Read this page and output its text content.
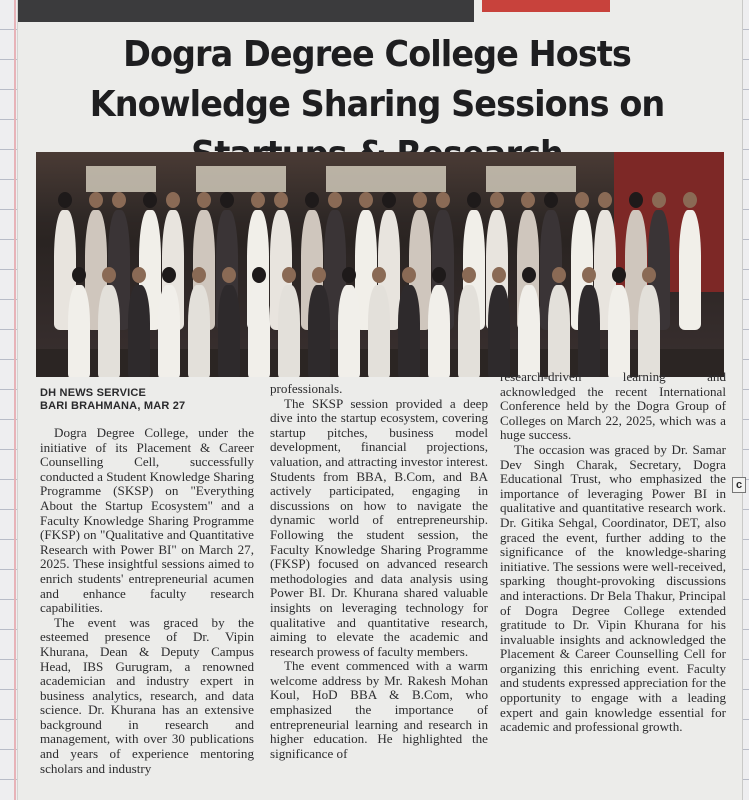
Dogra Degree College Hosts Knowledge Sharing Sessions on

DH NEWS SERVICE
BARI BRAHMANA, MAR 27

Dogra Degree College, under the initiative of its Placement & Career Counselling Cell, successfully conducted a Student Knowledge Sharing Programme (SKSP) on "Everything About the Startup Ecosystem" and a Faculty Knowledge Sharing Programme (FKSP) on "Qualitative and Quantitative Research with Power BI" on March 27, 2025. These insightful sessions aimed to enrich students' entrepreneurial acumen and enhance faculty research capabilities.

The event was graced by the esteemed presence of Dr. Vipin Khurana, Dean & Deputy Campus Head, IBS Gurugram, a renowned academician and industry expert in business analytics, research, and data science. Dr. Khurana has an extensive background in research and management, with over 30 publications and years of experience mentoring scholars and industry

professionals.

The SKSP session provided a deep dive into the startup ecosystem, covering startup pitches, business model development, financial projections, valuation, and attracting investor interest. Students from BBA, B.Com, and BA actively participated, engaging in discussions on how to navigate the dynamic world of entrepreneurship. Following the student session, the Faculty Knowledge Sharing Programme (FKSP) focused on advanced research methodologies and data analysis using Power BI. Dr. Khurana shared valuable insights on leveraging technology for qualitative and quantitative research, aiming to elevate the academic and research prowess of faculty members.

The event commenced with a warm welcome address by Mr. Rakesh Mohan Koul, HoD BBA & B.Com, who emphasized the importance of entrepreneurial learning and research in higher education. He highlighted the significance of

research-driven learning and acknowledged the recent International Conference held by the Dogra Group of Colleges on March 22, 2025, which was a huge success.

The occasion was graced by Dr. Samar Dev Singh Charak, Secretary, Dogra Educational Trust, who emphasized the importance of leveraging Power BI in qualitative and quantitative research work. Dr. Gitika Sehgal, Coordinator, DET, also graced the event, further adding to the significance of the knowledge-sharing initiative. The sessions were well-received, sparking thought-provoking discussions and interactions. Dr Bela Thakur, Principal of Dogra Degree College extended gratitude to Dr. Vipin Khurana for his invaluable insights and acknowledged the Placement & Career Counselling Cell for organizing this enriching event. Faculty and students expressed appreciation for the opportunity to engage with a leading expert and gain knowledge essential for academic and professional growth.

c
